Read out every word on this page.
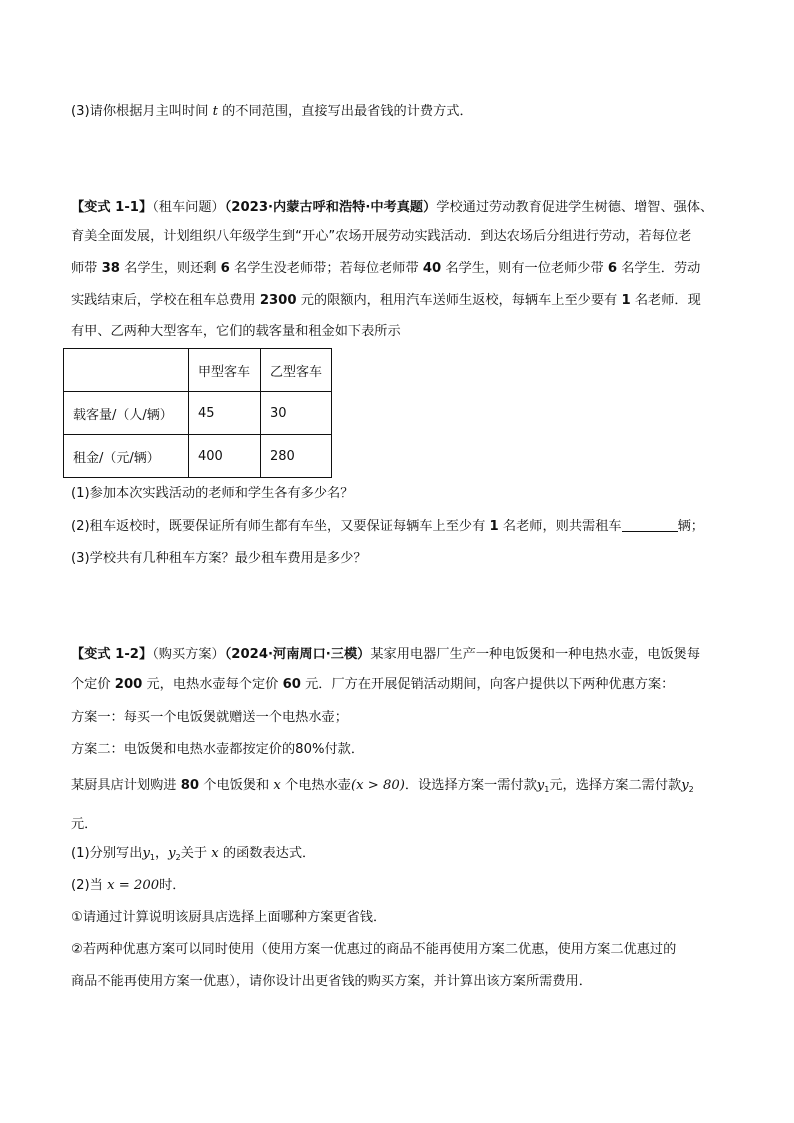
(3)请你根据月主叫时间 t 的不同范围，直接写出最省钱的计费方式．
【变式 1-1】（租车问题）（2023·内蒙古呼和浩特·中考真题）学校通过劳动教育促进学生树德、增智、强体、
育美全面发展，计划组织八年级学生到“开心”农场开展劳动实践活动．到达农场后分组进行劳动，若每位老
师带 38 名学生，则还剩 6 名学生没老师带；若每位老师带 40 名学生，则有一位老师少带 6 名学生．劳动
实践结束后，学校在租车总费用 2300 元的限额内，租用汽车送师生返校，每辆车上至少要有 1 名老师．现
有甲、乙两种大型客车，它们的载客量和租金如下表所示
	甲型客车	乙型客车
载客量/（人/辆）	45	30
租金/（元/辆）	400	280
(1)参加本次实践活动的老师和学生各有多少名？
(2)租车返校时，既要保证所有师生都有车坐，又要保证每辆车上至少有 1 名老师，则共需租车	辆；
(3)学校共有几种租车方案？最少租车费用是多少？
【变式 1-2】（购买方案）（2024·河南周口·三模）某家用电器厂生产一种电饭煲和一种电热水壶，电饭煲每
个定价 200 元，电热水壶每个定价 60 元．厂方在开展促销活动期间，向客户提供以下两种优惠方案：
方案一：每买一个电饭煲就赠送一个电热水壶；
方案二：电饭煲和电热水壶都按定价的80%付款．
某厨具店计划购进 80 个电饭煲和 x 个电热水壶(x > 80)．设选择方案一需付款$y_1$元，选择方案二需付款$y_2$
元．
(1)分别写出$y_1$，$y_2$关于 x 的函数表达式．
(2)当 x = 200时．
①请通过计算说明该厨具店选择上面哪种方案更省钱．
②若两种优惠方案可以同时使用（使用方案一优惠过的商品不能再使用方案二优惠，使用方案二优惠过的
商品不能再使用方案一优惠），请你设计出更省钱的购买方案，并计算出该方案所需费用．
